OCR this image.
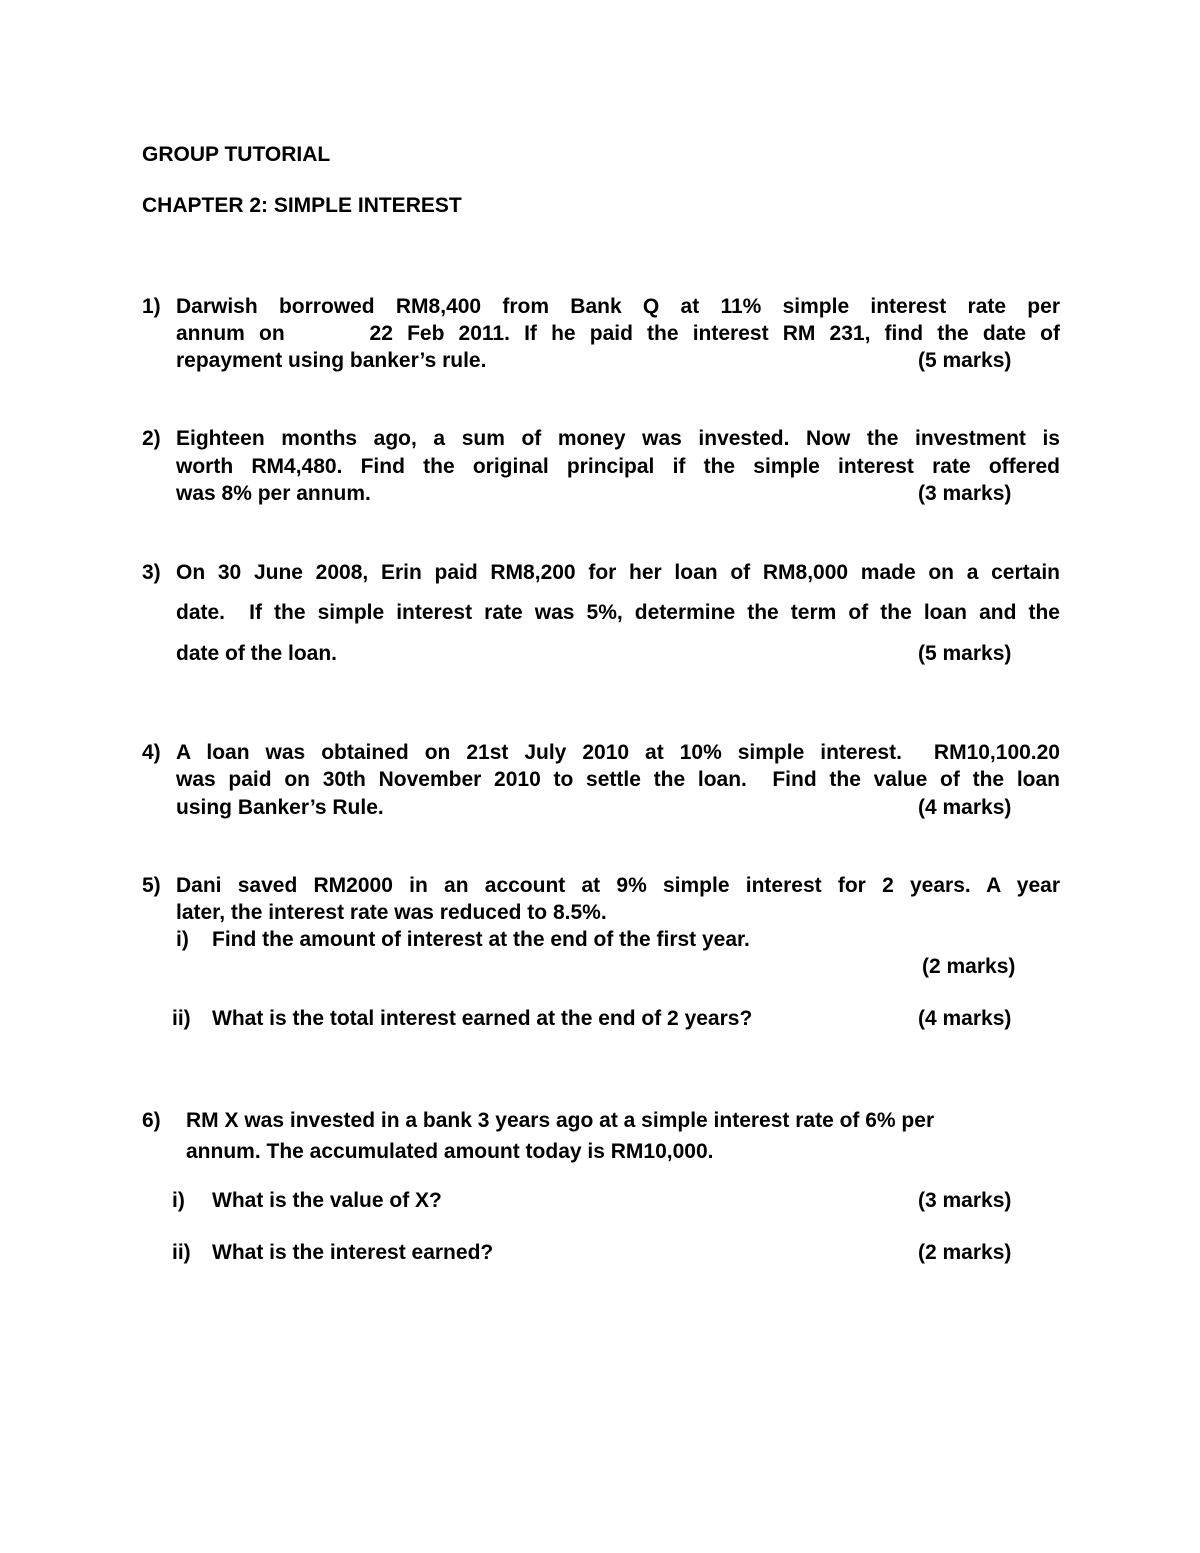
GROUP TUTORIAL
CHAPTER 2: SIMPLE INTEREST
1) Darwish borrowed RM8,400 from Bank Q at 11% simple interest rate per
annum on      22 Feb 2011. If he paid the interest RM 231, find the date of
repayment using banker’s rule.	(5 marks)
2) Eighteen months ago, a sum of money was invested. Now the investment is
worth RM4,480. Find the original principal if the simple interest rate offered
was 8% per annum.	(3 marks)
3) On 30 June 2008, Erin paid RM8,200 for her loan of RM8,000 made on a certain
date.  If the simple interest rate was 5%, determine the term of the loan and the
date of the loan.	(5 marks)
4) A loan was obtained on 21st July 2010 at 10% simple interest.  RM10,100.20
was paid on 30th November 2010 to settle the loan.  Find the value of the loan
using Banker’s Rule.	(4 marks)
5) Dani saved RM2000 in an account at 9% simple interest for 2 years. A year
later, the interest rate was reduced to 8.5%.
i) Find the amount of interest at the end of the first year.
(2 marks)
ii) What is the total interest earned at the end of 2 years?	(4 marks)
6) RM X was invested in a bank 3 years ago at a simple interest rate of 6% per
annum. The accumulated amount today is RM10,000.
i) What is the value of X?	(3 marks)
ii) What is the interest earned?	(2 marks)
